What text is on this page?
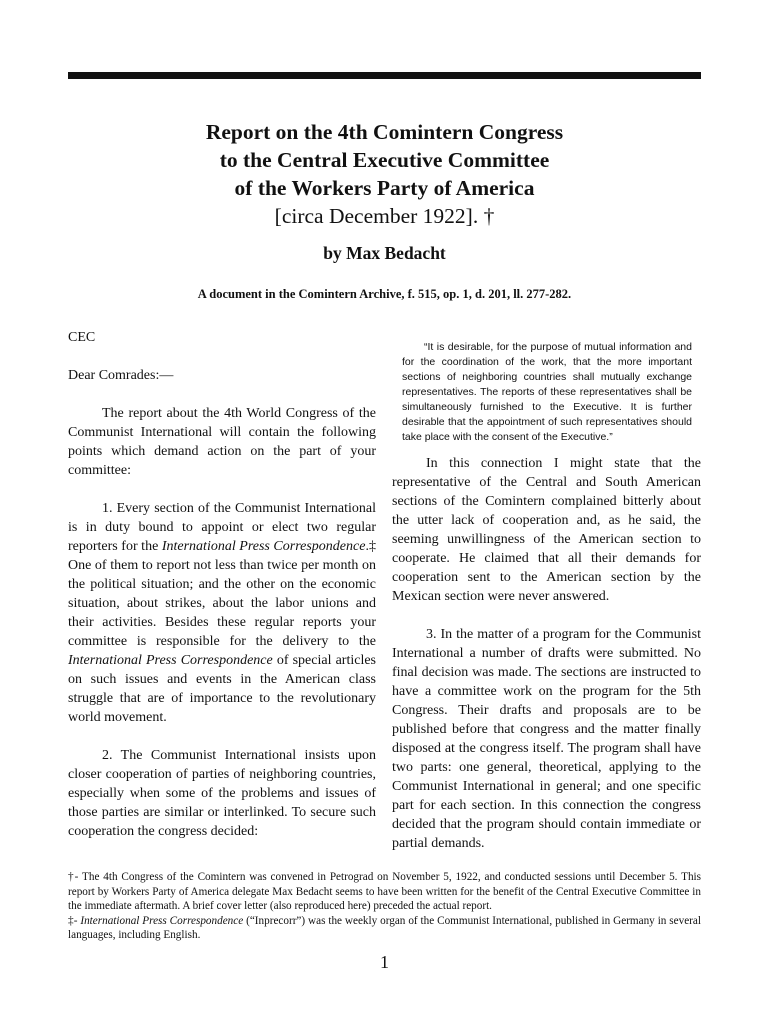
Report on the 4th Comintern Congress
to the Central Executive Committee
of the Workers Party of America
[circa December 1922]. †
by Max Bedacht
A document in the Comintern Archive, f. 515, op. 1, d. 201, ll. 277-282.

CEC

Dear Comrades:—

The report about the 4th World Congress of the Communist International will contain the following points which demand action on the part of your committee:

1. Every section of the Communist International is in duty bound to appoint or elect two regular reporters for the International Press Correspondence.‡ One of them to report not less than twice per month on the political situation; and the other on the economic situation, about strikes, about the labor unions and their activities. Besides these regular reports your committee is responsible for the delivery to the International Press Correspondence of special articles on such issues and events in the American class struggle that are of importance to the revolutionary world movement.

2. The Communist International insists upon closer cooperation of parties of neighboring countries, especially when some of the problems and issues of those parties are similar or interlinked. To secure such cooperation the congress decided:

“It is desirable, for the purpose of mutual information and for the coordination of the work, that the more important sections of neighboring countries shall mutually exchange representatives. The reports of these representatives shall be simultaneously furnished to the Executive. It is further desirable that the appointment of such representatives should take place with the consent of the Executive.”

In this connection I might state that the representative of the Central and South American sections of the Comintern complained bitterly about the utter lack of cooperation and, as he said, the seeming unwillingness of the American section to cooperate. He claimed that all their demands for cooperation sent to the American section by the Mexican section were never answered.

3. In the matter of a program for the Communist International a number of drafts were submitted. No final decision was made. The sections are instructed to have a committee work on the program for the 5th Congress. Their drafts and proposals are to be published before that congress and the matter finally disposed at the congress itself. The program shall have two parts: one general, theoretical, applying to the Communist International in general; and one specific part for each section. In this connection the congress decided that the program should contain immediate or partial demands.

†- The 4th Congress of the Comintern was convened in Petrograd on November 5, 1922, and conducted sessions until December 5. This report by Workers Party of America delegate Max Bedacht seems to have been written for the benefit of the Central Executive Committee in the immediate aftermath. A brief cover letter (also reproduced here) preceded the actual report.

‡- International Press Correspondence (“Inprecorr”) was the weekly organ of the Communist International, published in Germany in several languages, including English.

1
